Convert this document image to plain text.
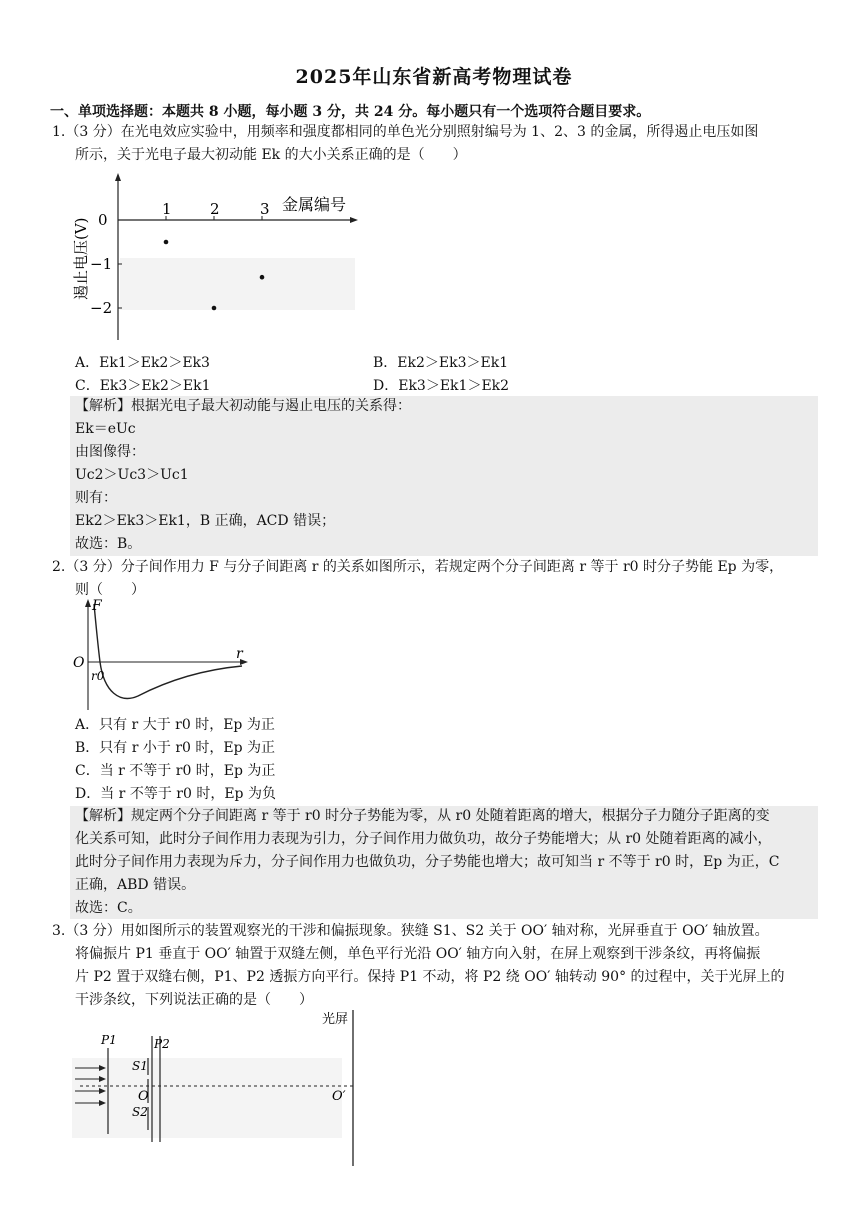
2025年山东省新高考物理试卷
一、单项选择题：本题共 8 小题，每小题 3 分，共 24 分。每小题只有一个选项符合题目要求。
1.（3 分）在光电效应实验中，用频率和强度都相同的单色光分别照射编号为 1、2、3 的金属，所得遏止电压如图
所示，关于光电子最大初动能 Ek 的大小关系正确的是（　　）
0
−1
−2
1	2	3 金属编号
遏止电压(V)
A．Ek1＞Ek2＞Ek3	B．Ek2＞Ek3＞Ek1
C．Ek3＞Ek2＞Ek1	D．Ek3＞Ek1＞Ek2
【解析】根据光电子最大初动能与遏止电压的关系得：
Ek＝eUc
由图像得：
Uc2＞Uc3＞Uc1
则有：
Ek2＞Ek3＞Ek1，B 正确，ACD 错误；
故选：B。
2.（3 分）分子间作用力 F 与分子间距离 r 的关系如图所示，若规定两个分子间距离 r 等于 r0 时分子势能 Ep 为零，
则（　　）
F
r
O
r0
A．只有 r 大于 r0 时，Ep 为正
B．只有 r 小于 r0 时，Ep 为正
C．当 r 不等于 r0 时，Ep 为正
D．当 r 不等于 r0 时，Ep 为负
【解析】规定两个分子间距离 r 等于 r0 时分子势能为零，从 r0 处随着距离的增大，根据分子力随分子距离的变
化关系可知，此时分子间作用力表现为引力，分子间作用力做负功，故分子势能增大；从 r0 处随着距离的减小，
此时分子间作用力表现为斥力，分子间作用力也做负功，分子势能也增大；故可知当 r 不等于 r0 时，Ep 为正，C
正确，ABD 错误。
故选：C。
3.（3 分）用如图所示的装置观察光的干涉和偏振现象。狭缝 S1、S2 关于 OO′ 轴对称，光屏垂直于 OO′ 轴放置。
将偏振片 P1 垂直于 OO′ 轴置于双缝左侧，单色平行光沿 OO′ 轴方向入射，在屏上观察到干涉条纹，再将偏振
片 P2 置于双缝右侧，P1、P2 透振方向平行。保持 P1 不动，将 P2 绕 OO′ 轴转动 90° 的过程中，关于光屏上的
干涉条纹，下列说法正确的是（　　）
光屏
P1	P2
S1
O
S2
O′
